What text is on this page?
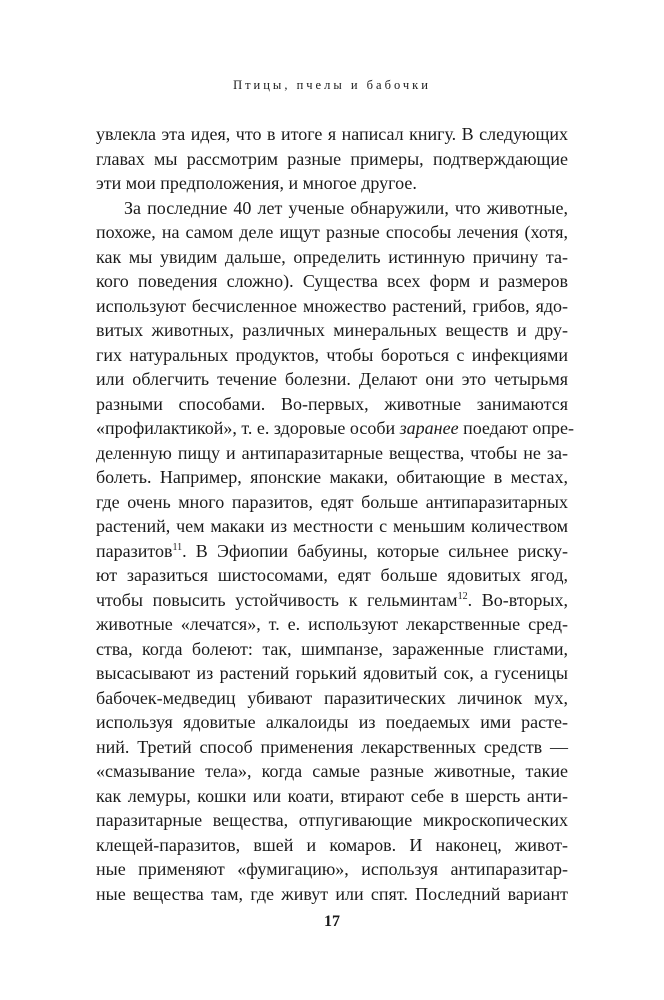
Птицы, пчелы и бабочки
увлекла эта идея, что в итоге я написал книгу. В следующих
главах мы рассмотрим разные примеры, подтверждающие
эти мои предположения, и многое другое.
За последние 40 лет ученые обнаружили, что животные,
похоже, на самом деле ищут разные способы лечения (хотя,
как мы увидим дальше, определить истинную причину та-
кого поведения сложно). Существа всех форм и размеров
используют бесчисленное множество растений, грибов, ядо-
витых животных, различных минеральных веществ и дру-
гих натуральных продуктов, чтобы бороться с инфекциями
или облегчить течение болезни. Делают они это четырьмя
разными способами. Во-первых, животные занимаются
«профилактикой», т. е. здоровые особи заранее поедают опре-
деленную пищу и антипаразитарные вещества, чтобы не за-
болеть. Например, японские макаки, обитающие в местах,
где очень много паразитов, едят больше антипаразитарных
растений, чем макаки из местности с меньшим количеством
паразитов$^{11}$. В Эфиопии бабуины, которые сильнее риску-
ют заразиться шистосомами, едят больше ядовитых ягод,
чтобы повысить устойчивость к гельминтам$^{12}$. Во-вторых,
животные «лечатся», т. е. используют лекарственные сред-
ства, когда болеют: так, шимпанзе, зараженные глистами,
высасывают из растений горький ядовитый сок, а гусеницы
бабочек-медведиц убивают паразитических личинок мух,
используя ядовитые алкалоиды из поедаемых ими расте-
ний. Третий способ применения лекарственных средств —
«смазывание тела», когда самые разные животные, такие
как лемуры, кошки или коати, втирают себе в шерсть анти-
паразитарные вещества, отпугивающие микроскопических
клещей-паразитов, вшей и комаров. И наконец, живот-
ные применяют «фумигацию», используя антипаразитар-
ные вещества там, где живут или спят. Последний вариант
17
